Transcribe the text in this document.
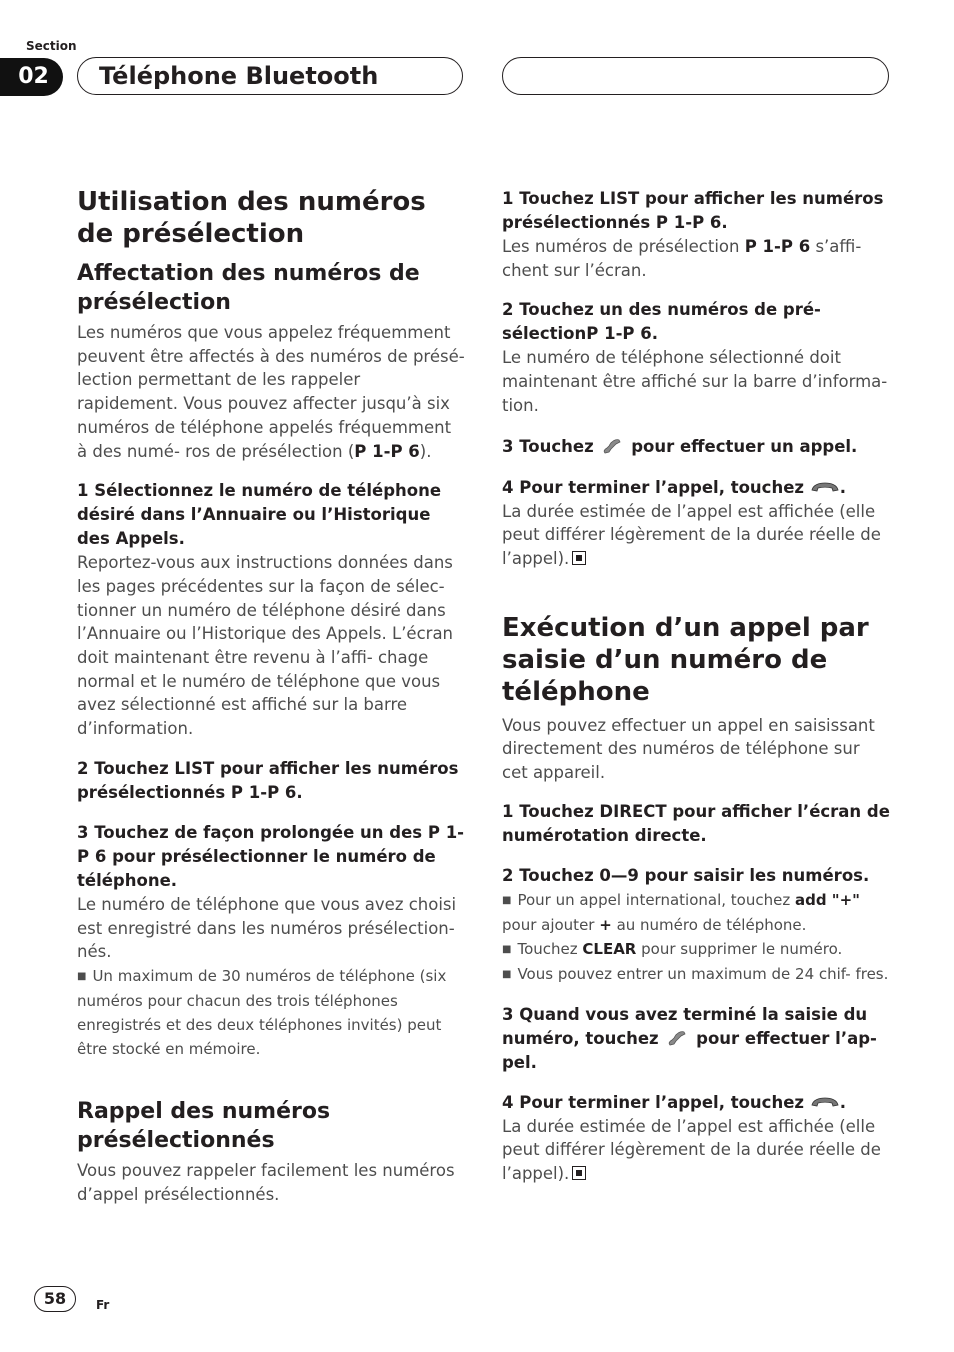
Section
02	Téléphone Bluetooth
Utilisation des numéros de présélection
Affectation des numéros de présélection

Les numéros que vous appelez fréquemment peuvent être affectés à des numéros de présé- lection permettant de les rappeler rapidement. Vous pouvez affecter jusqu’à six numéros de téléphone appelés fréquemment à des numé- ros de présélection (P 1-P 6).

1 Sélectionnez le numéro de téléphone désiré dans l’Annuaire ou l’Historique des Appels.

Reportez-vous aux instructions données dans les pages précédentes sur la façon de sélec- tionner un numéro de téléphone désiré dans l’Annuaire ou l’Historique des Appels. L’écran doit maintenant être revenu à l’affi- chage normal et le numéro de téléphone que vous avez sélectionné est affiché sur la barre d’information.

2 Touchez LIST pour afficher les numéros présélectionnés P 1-P 6.

3 Touchez de façon prolongée un des P 1-P 6 pour présélectionner le numéro de téléphone.

Le numéro de téléphone que vous avez choisi est enregistré dans les numéros présélection- nés.

■ Un maximum de 30 numéros de téléphone (six numéros pour chacun des trois téléphones enregistrés et des deux téléphones invités) peut être stocké en mémoire.

Rappel des numéros présélectionnés

Vous pouvez rappeler facilement les numéros d’appel présélectionnés.

1 Touchez LIST pour afficher les numéros présélectionnés P 1-P 6.

Les numéros de présélection P 1-P 6 s’affi- chent sur l’écran.

2 Touchez un des numéros de pré- sélectionP 1-P 6.

Le numéro de téléphone sélectionné doit maintenant être affiché sur la barre d’informa- tion.

3 Touchez pour effectuer un appel.

4 Pour terminer l’appel, touchez .

La durée estimée de l’appel est affichée (elle peut différer légèrement de la durée réelle de l’appel).

Exécution d’un appel par saisie d’un numéro de téléphone

Vous pouvez effectuer un appel en saisissant directement des numéros de téléphone sur cet appareil.

1 Touchez DIRECT pour afficher l’écran de numérotation directe.

2 Touchez 0—9 pour saisir les numéros.

■ Pour un appel international, touchez add "+" pour ajouter + au numéro de téléphone.

■ Touchez CLEAR pour supprimer le numéro.

■ Vous pouvez entrer un maximum de 24 chif- fres.

3 Quand vous avez terminé la saisie du numéro, touchez pour effectuer l’ap- pel.

4 Pour terminer l’appel, touchez .

La durée estimée de l’appel est affichée (elle peut différer légèrement de la durée réelle de l’appel).

58	Fr
